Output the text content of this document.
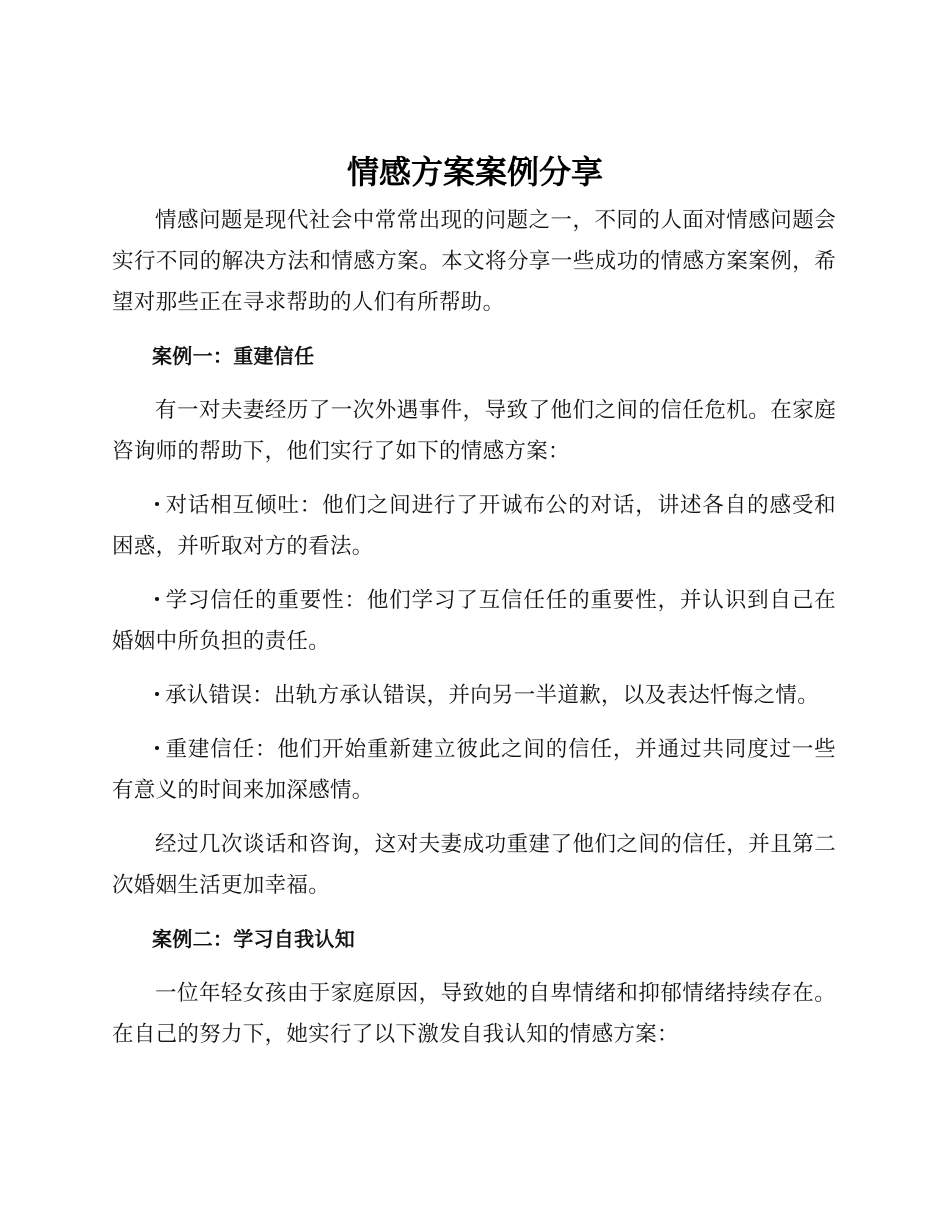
情感方案案例分享

情感问题是现代社会中常常出现的问题之一，不同的人面对情感问题会实行不同的解决方法和情感方案。本文将分享一些成功的情感方案案例，希望对那些正在寻求帮助的人们有所帮助。

案例一：重建信任

有一对夫妻经历了一次外遇事件，导致了他们之间的信任危机。在家庭咨询师的帮助下，他们实行了如下的情感方案：

对话相互倾吐：他们之间进行了开诚布公的对话，讲述各自的感受和困惑，并听取对方的看法。

学习信任的重要性：他们学习了互信任任的重要性，并认识到自己在婚姻中所负担的责任。

承认错误：出轨方承认错误，并向另一半道歉，以及表达忏悔之情。

重建信任：他们开始重新建立彼此之间的信任，并通过共同度过一些有意义的时间来加深感情。

经过几次谈话和咨询，这对夫妻成功重建了他们之间的信任，并且第二次婚姻生活更加幸福。

案例二：学习自我认知

一位年轻女孩由于家庭原因，导致她的自卑情绪和抑郁情绪持续存在。在自己的努力下，她实行了以下激发自我认知的情感方案：
